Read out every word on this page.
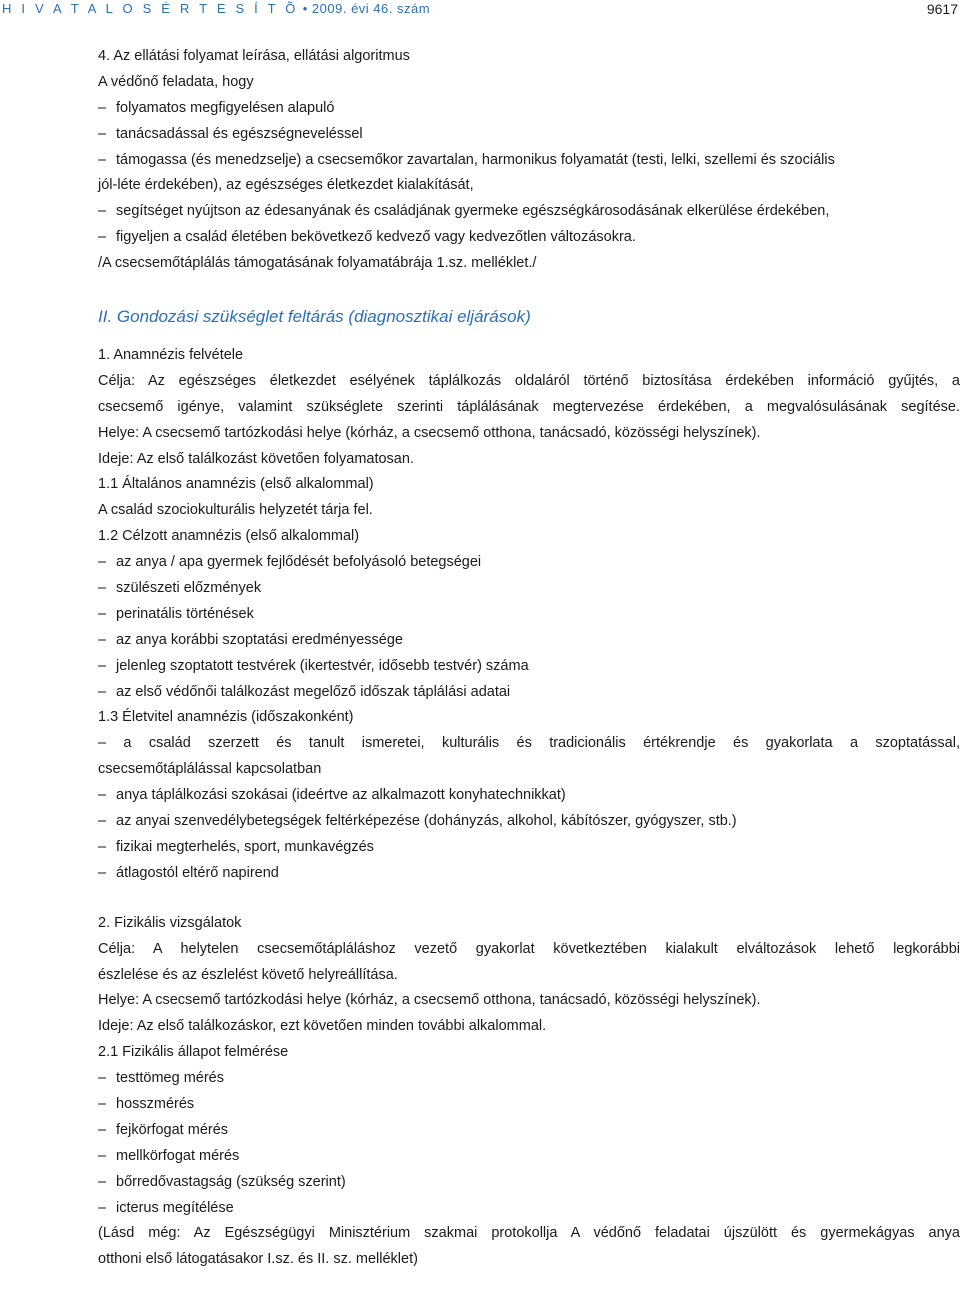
H I V A T A L O S É R T E S Í T Õ • 2009. évi 46. szám	9617
4. Az ellátási folyamat leírása, ellátási algoritmus
A védőnő feladata, hogy
–folyamatos megfigyelésen alapuló
–tanácsadással és egészségneveléssel
–támogassa (és menedzselje) a csecsemőkor zavartalan, harmonikus folyamatát (testi, lelki, szellemi és szociális
jól-léte érdekében), az egészséges életkezdet kialakítását,
–segítséget nyújtson az édesanyának és családjának gyermeke egészségkárosodásának elkerülése érdekében,
–figyeljen a család életében bekövetkező kedvező vagy kedvezőtlen változásokra.
/A csecsemőtáplálás támogatásának folyamatábrája 1.sz. melléklet./
II. Gondozási szükséglet feltárás (diagnosztikai eljárások)
1. Anamnézis felvétele
Célja: Az egészséges életkezdet esélyének táplálkozás oldaláról történő biztosítása érdekében információ gyűjtés, a
csecsemő igénye, valamint szükséglete szerinti táplálásának megtervezése érdekében, a megvalósulásának segítése.
Helye: A csecsemő tartózkodási helye (kórház, a csecsemő otthona, tanácsadó, közösségi helyszínek).
Ideje: Az első találkozást követően folyamatosan.
1.1 Általános anamnézis (első alkalommal)
A család szociokulturális helyzetét tárja fel.
1.2 Célzott anamnézis (első alkalommal)
–az anya / apa gyermek fejlődését befolyásoló betegségei
–szülészeti előzmények
–perinatális történések
–az anya korábbi szoptatási eredményessége
–jelenleg szoptatott testvérek (ikertestvér, idősebb testvér) száma
–az első védőnői találkozást megelőző időszak táplálási adatai
1.3 Életvitel anamnézis (időszakonként)
– a család szerzett és tanult ismeretei, kulturális és tradicionális értékrendje és gyakorlata a szoptatással,
csecsemőtáplálással kapcsolatban
–anya táplálkozási szokásai (ideértve az alkalmazott konyhatechnikkat)
–az anyai szenvedélybetegségek feltérképezése (dohányzás, alkohol, kábítószer, gyógyszer, stb.)
–fizikai megterhelés, sport, munkavégzés
–átlagostól eltérő napirend
2. Fizikális vizsgálatok
Célja: A helytelen csecsemőtápláláshoz vezető gyakorlat következtében kialakult elváltozások lehető legkorábbi
észlelése és az észlelést követő helyreállítása.
Helye: A csecsemő tartózkodási helye (kórház, a csecsemő otthona, tanácsadó, közösségi helyszínek).
Ideje: Az első találkozáskor, ezt követően minden további alkalommal.
2.1 Fizikális állapot felmérése
–testtömeg mérés
–hosszmérés
–fejkörfogat mérés
–mellkörfogat mérés
–bőrredővastagság (szükség szerint)
–icterus megítélése
(Lásd még: Az Egészségügyi Minisztérium szakmai protokollja A védőnő feladatai újszülött és gyermekágyas anya
otthoni első látogatásakor I.sz. és II. sz. melléklet)
